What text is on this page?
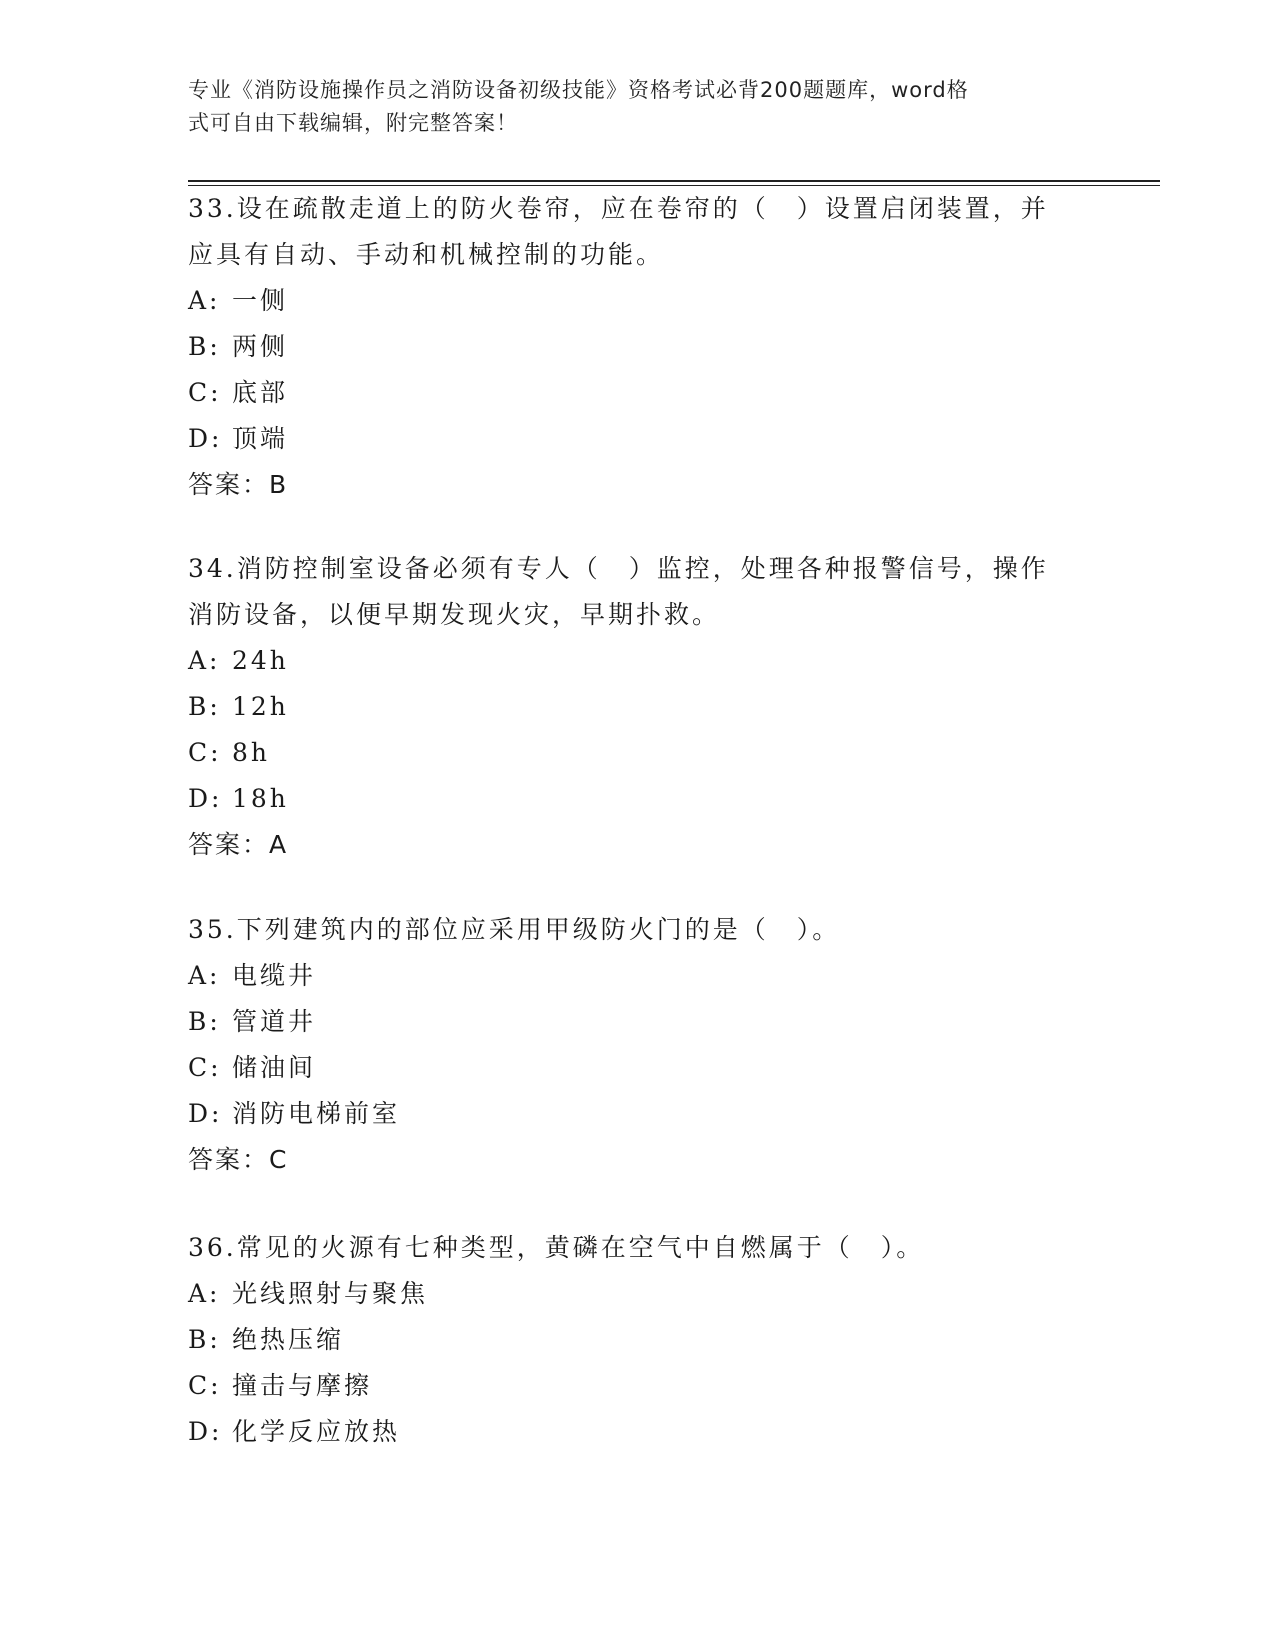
专业《消防设施操作员之消防设备初级技能》资格考试必背200题题库，word格
式可自由下载编辑，附完整答案！

33.设在疏散走道上的防火卷帘，应在卷帘的（　）设置启闭装置，并

应具有自动、手动和机械控制的功能。

A: 一侧

B: 两侧

C: 底部

D: 顶端

答案：B

34.消防控制室设备必须有专人（　）监控，处理各种报警信号，操作

消防设备，以便早期发现火灾，早期扑救。

A: 24h

B: 12h

C: 8h

D: 18h

答案：A

35.下列建筑内的部位应采用甲级防火门的是（　）。

A: 电缆井

B: 管道井

C: 储油间

D: 消防电梯前室

答案：C

36.常见的火源有七种类型，黄磷在空气中自燃属于（　）。

A: 光线照射与聚焦

B: 绝热压缩

C: 撞击与摩擦

D: 化学反应放热
